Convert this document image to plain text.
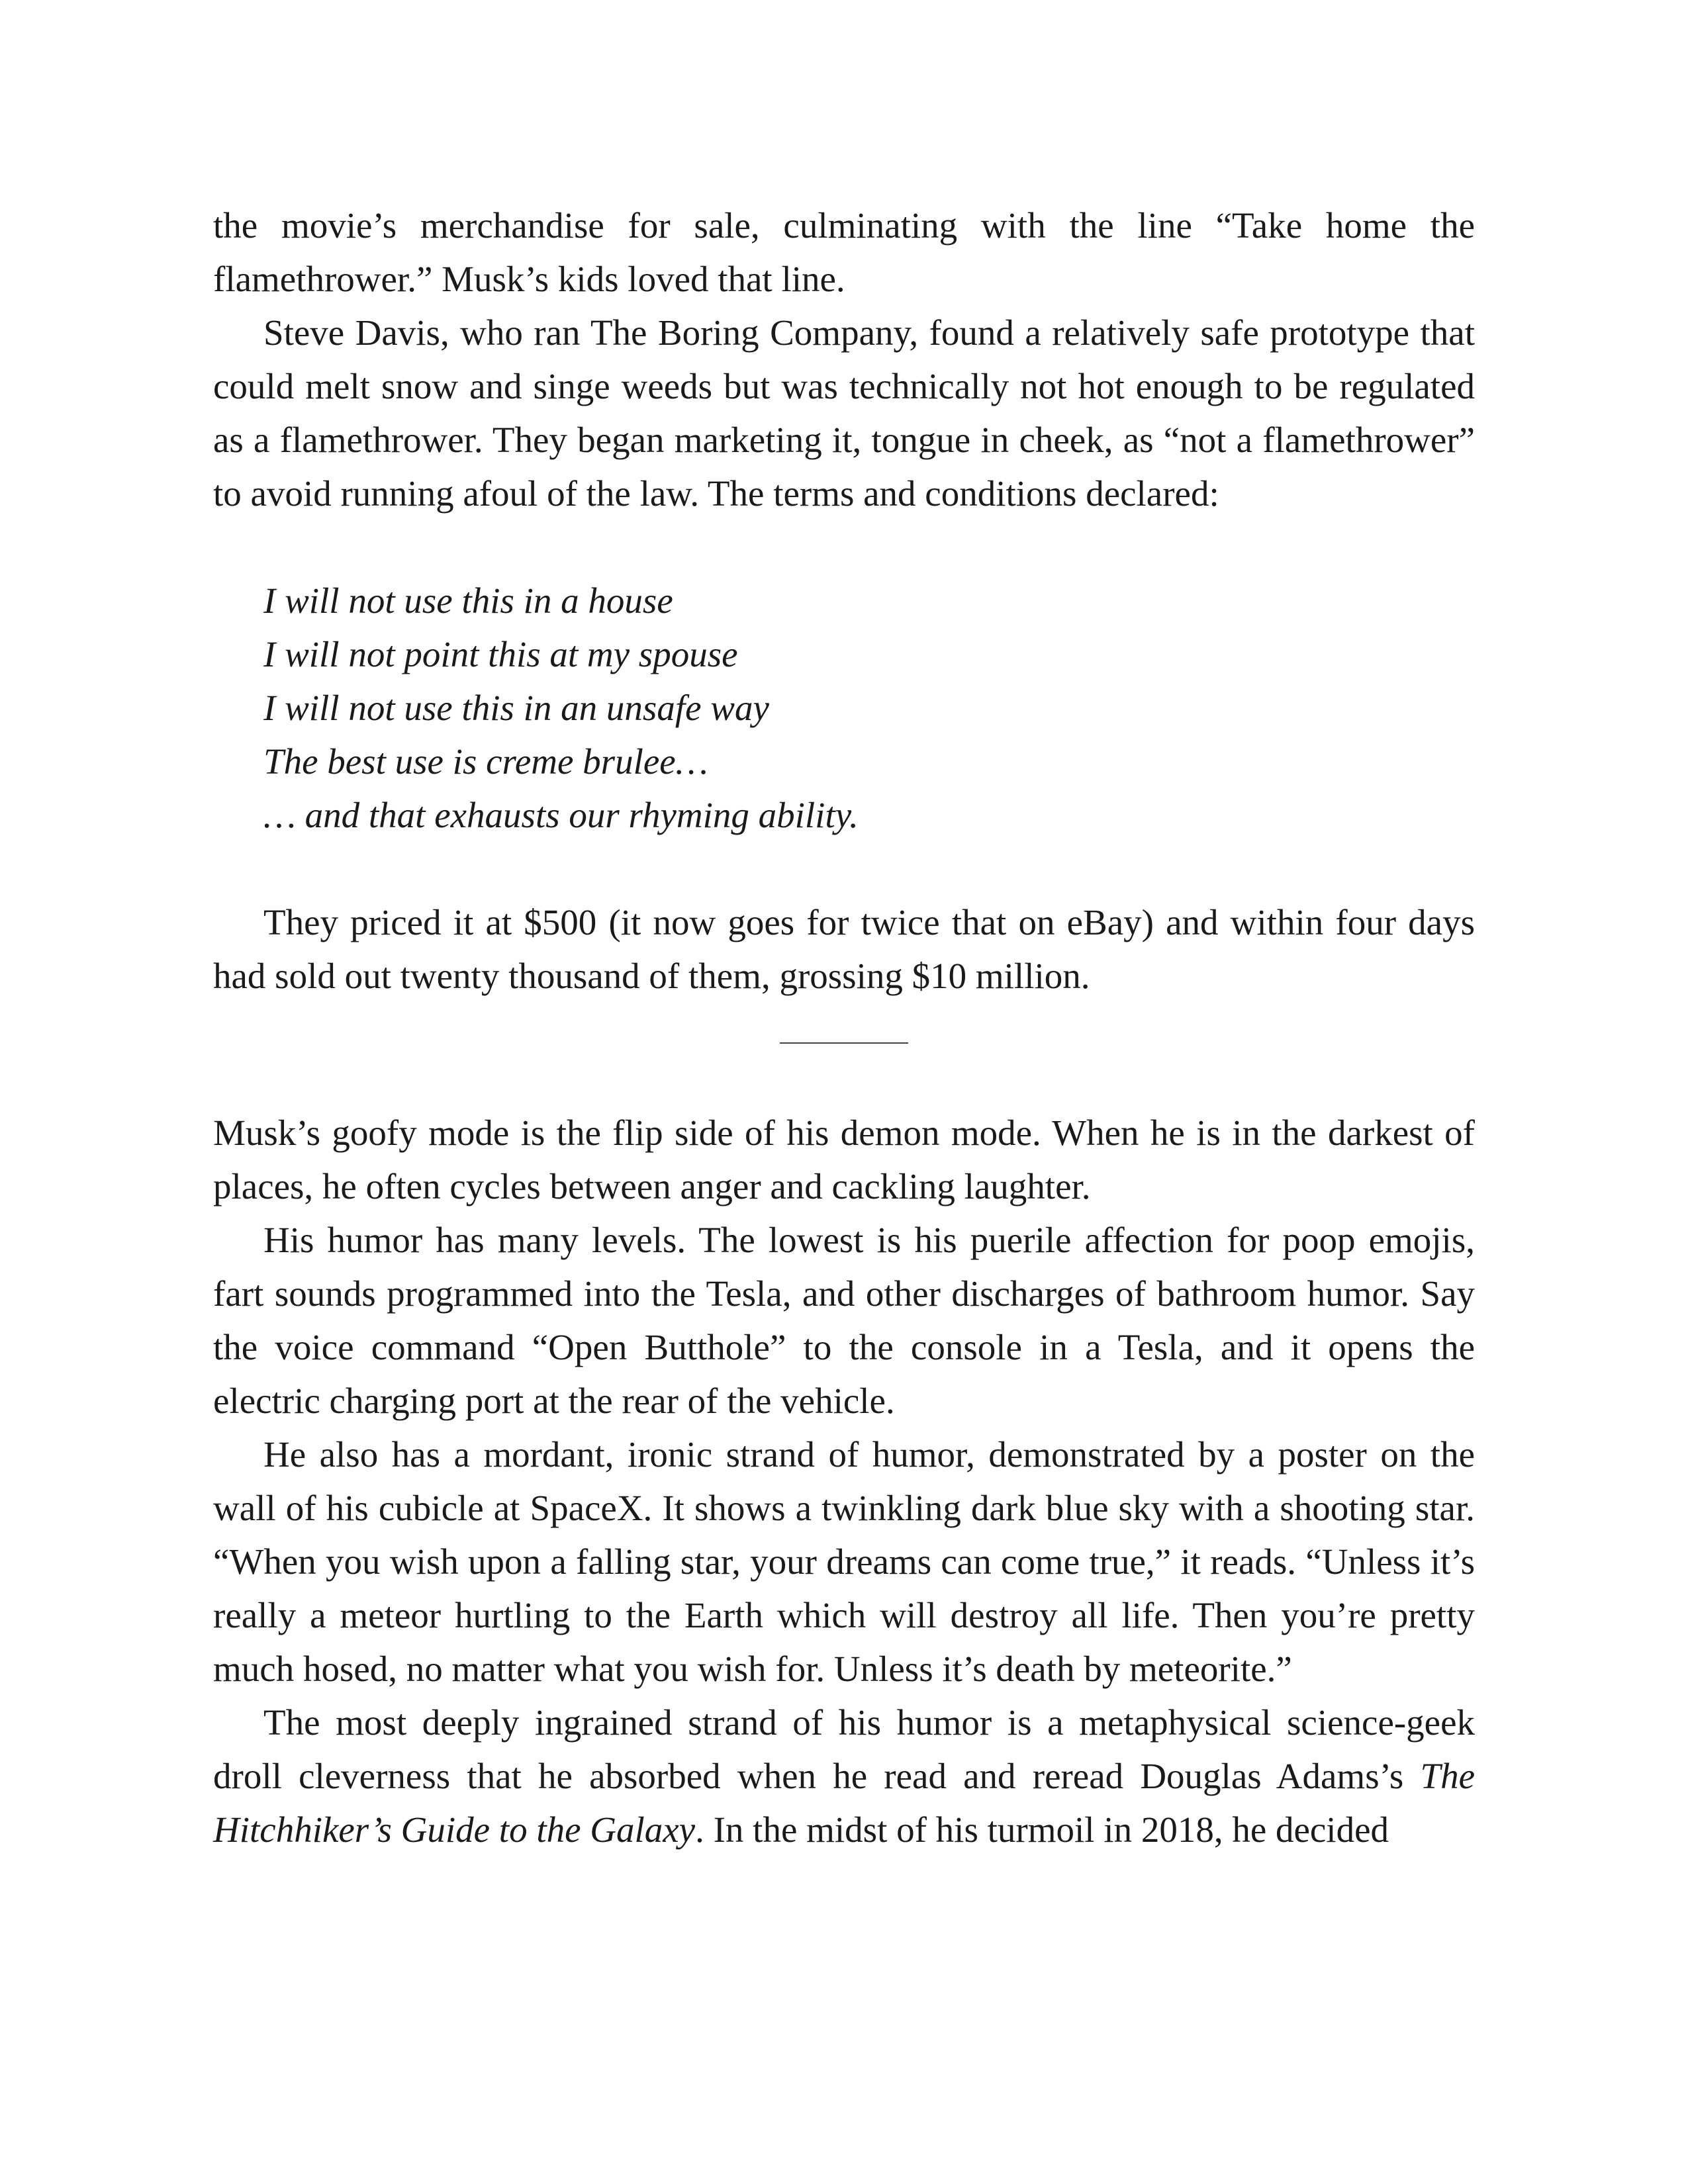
the movie’s merchandise for sale, culminating with the line “Take home the flamethrower.” Musk’s kids loved that line.

Steve Davis, who ran The Boring Company, found a relatively safe prototype that could melt snow and singe weeds but was technically not hot enough to be regulated as a flamethrower. They began marketing it, tongue in cheek, as “not a flamethrower” to avoid running afoul of the law. The terms and conditions declared:

I will not use this in a house
I will not point this at my spouse
I will not use this in an unsafe way
The best use is creme brulee…
… and that exhausts our rhyming ability.

They priced it at $500 (it now goes for twice that on eBay) and within four days had sold out twenty thousand of them, grossing $10 million.

Musk’s goofy mode is the flip side of his demon mode. When he is in the darkest of places, he often cycles between anger and cackling laughter.

His humor has many levels. The lowest is his puerile affection for poop emojis, fart sounds programmed into the Tesla, and other discharges of bathroom humor. Say the voice command “Open Butthole” to the console in a Tesla, and it opens the electric charging port at the rear of the vehicle.

He also has a mordant, ironic strand of humor, demonstrated by a poster on the wall of his cubicle at SpaceX. It shows a twinkling dark blue sky with a shooting star. “When you wish upon a falling star, your dreams can come true,” it reads. “Unless it’s really a meteor hurtling to the Earth which will destroy all life. Then you’re pretty much hosed, no matter what you wish for. Unless it’s death by meteorite.”

The most deeply ingrained strand of his humor is a metaphysical science-geek droll cleverness that he absorbed when he read and reread Douglas Adams’s The Hitchhiker’s Guide to the Galaxy. In the midst of his turmoil in 2018, he decided
